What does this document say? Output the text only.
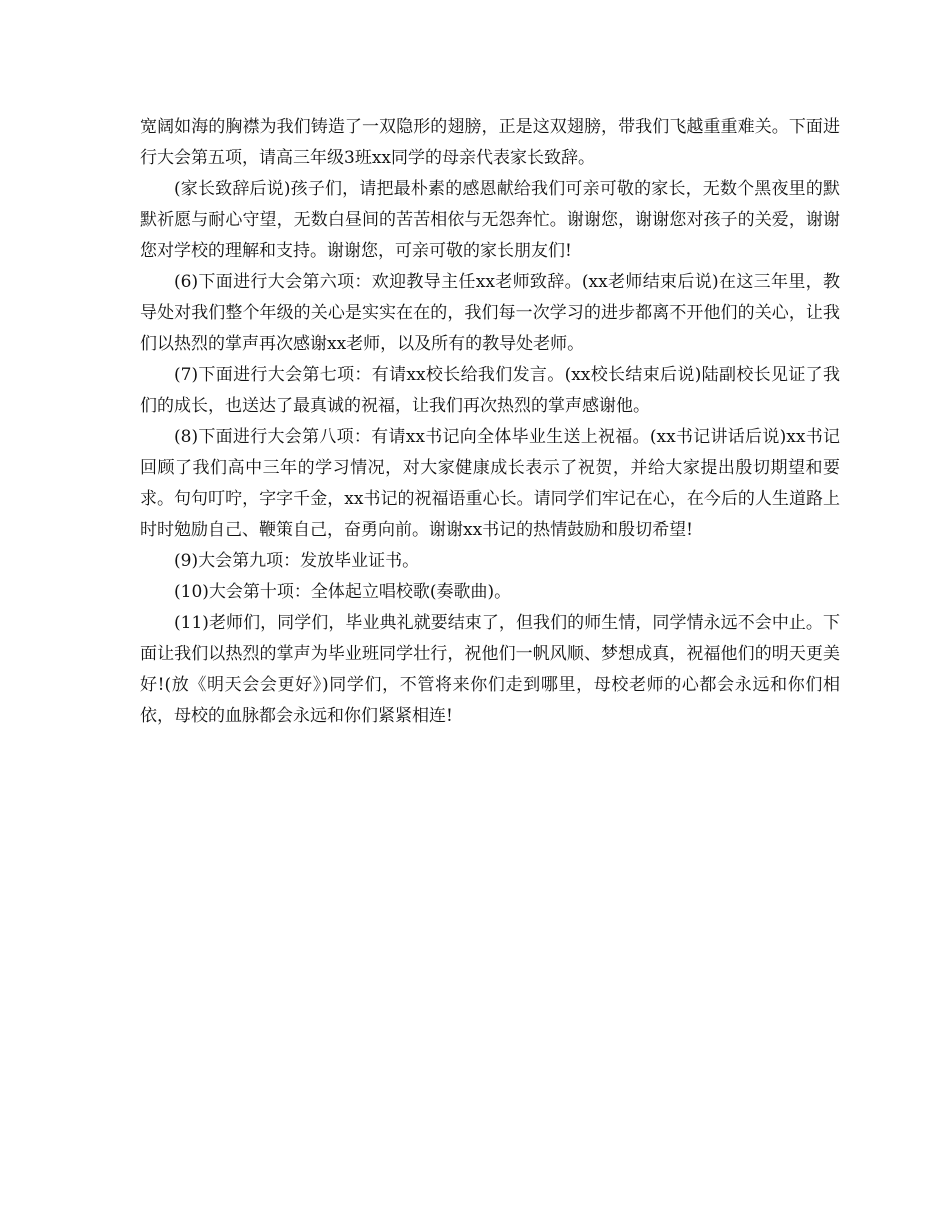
宽阔如海的胸襟为我们铸造了一双隐形的翅膀，正是这双翅膀，带我们飞越重重难关。下面进行大会第五项，请高三年级3班xx同学的母亲代表家长致辞。

(家长致辞后说)孩子们，请把最朴素的感恩献给我们可亲可敬的家长，无数个黑夜里的默默祈愿与耐心守望，无数白昼间的苦苦相依与无怨奔忙。谢谢您，谢谢您对孩子的关爱，谢谢您对学校的理解和支持。谢谢您，可亲可敬的家长朋友们!

(6)下面进行大会第六项：欢迎教导主任xx老师致辞。(xx老师结束后说)在这三年里，教导处对我们整个年级的关心是实实在在的，我们每一次学习的进步都离不开他们的关心，让我们以热烈的掌声再次感谢xx老师，以及所有的教导处老师。

(7)下面进行大会第七项：有请xx校长给我们发言。(xx校长结束后说)陆副校长见证了我们的成长，也送达了最真诚的祝福，让我们再次热烈的掌声感谢他。

(8)下面进行大会第八项：有请xx书记向全体毕业生送上祝福。(xx书记讲话后说)xx书记回顾了我们高中三年的学习情况，对大家健康成长表示了祝贺，并给大家提出殷切期望和要求。句句叮咛，字字千金，xx书记的祝福语重心长。请同学们牢记在心，在今后的人生道路上时时勉励自己、鞭策自己，奋勇向前。谢谢xx书记的热情鼓励和殷切希望!

(9)大会第九项：发放毕业证书。

(10)大会第十项：全体起立唱校歌(奏歌曲)。

(11)老师们，同学们，毕业典礼就要结束了，但我们的师生情，同学情永远不会中止。下面让我们以热烈的掌声为毕业班同学壮行，祝他们一帆风顺、梦想成真，祝福他们的明天更美好!(放《明天会会更好》)同学们，不管将来你们走到哪里，母校老师的心都会永远和你们相依，母校的血脉都会永远和你们紧紧相连!
